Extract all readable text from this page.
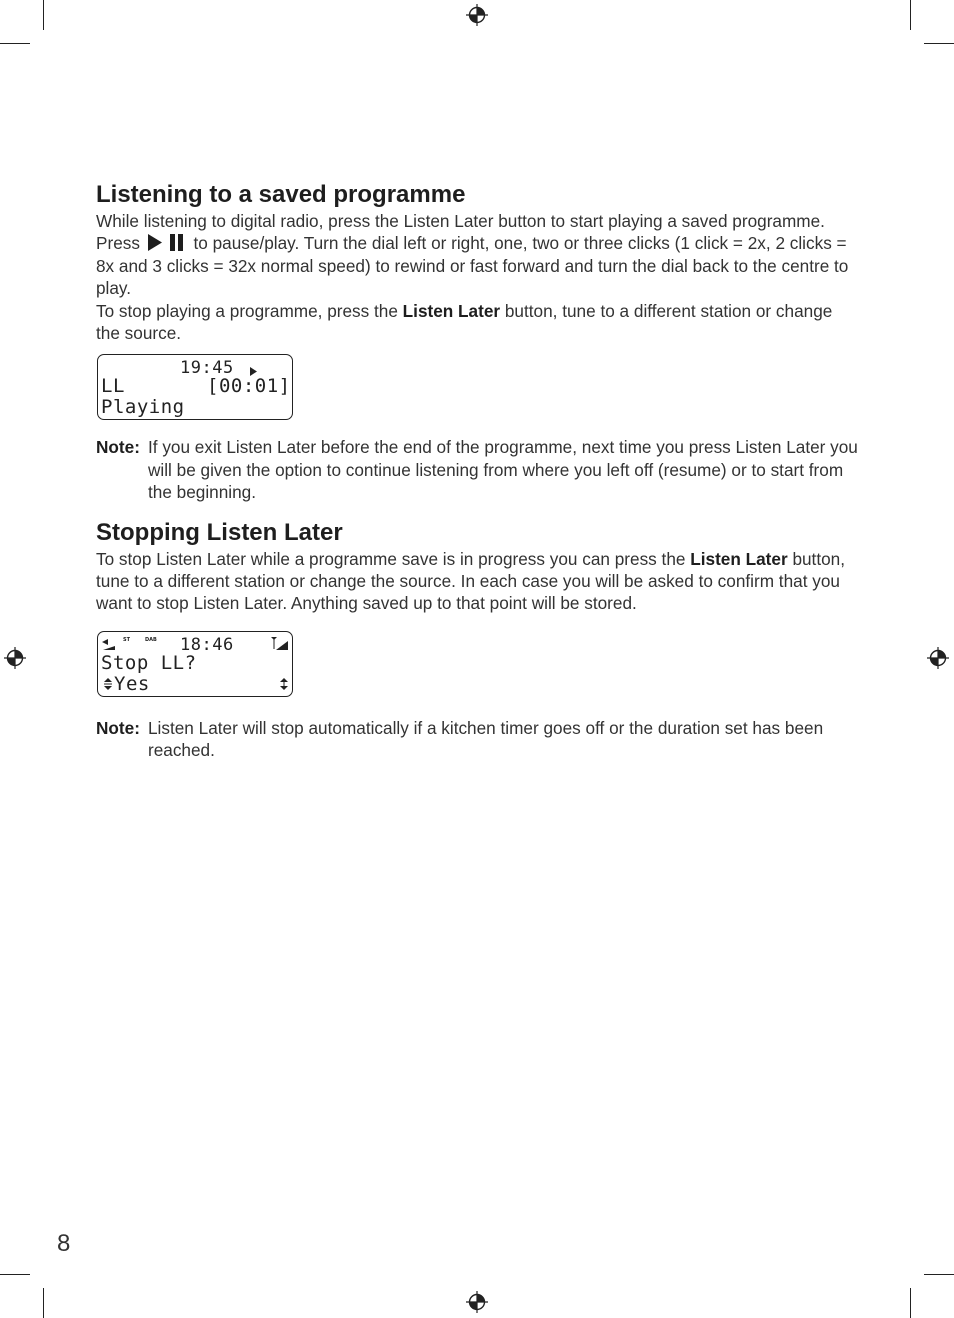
Listening to a saved programme

While listening to digital radio, press the Listen Later button to start playing a saved programme. Press	to pause/play. Turn the dial left or right, one, two or three clicks (1 click = 2x, 2 clicks = 8x and 3 clicks = 32x normal speed) to rewind or fast forward and turn the dial back to the centre to play.

To stop playing a programme, press the Listen Later button, tune to a different station or change the source.

19:45
LL	[00:01]
Playing
Note: If you exit Listen Later before the end of the programme, next time you press Listen Later you will be given the option to continue listening from where you left off (resume) or to start from the beginning.

Stopping Listen Later

To stop Listen Later while a programme save is in progress you can press the Listen Later button, tune to a different station or change the source. In each case you will be asked to confirm that you want to stop Listen Later. Anything saved up to that point will be stored.

ST	DAB 18:46
Stop LL?
Yes
Note: Listen Later will stop automatically if a kitchen timer goes off or the duration set has been reached.

8
